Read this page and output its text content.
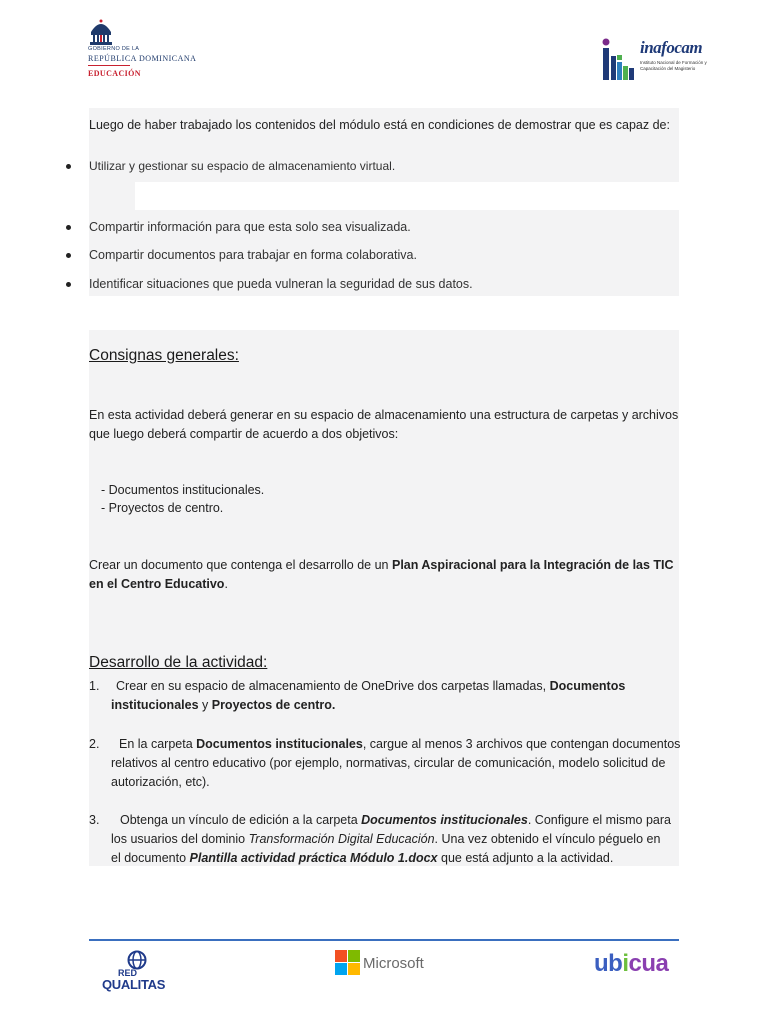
GOBIERNO DE LA
REPÚBLICA DOMINICANA
EDUCACIÓN
inafocam
Instituto Nacional de Formación y Capacitación del Magisterio
Luego de haber trabajado los contenidos del módulo está en condiciones de demostrar que es capaz de:
Utilizar y gestionar su espacio de almacenamiento virtual.
Compartir información para que esta solo sea visualizada.
Compartir documentos para trabajar en forma colaborativa.
Identificar situaciones que pueda vulneran la seguridad de sus datos.
Consignas generales:
En esta actividad deberá generar en su espacio de almacenamiento una estructura de carpetas y archivos
que luego deberá compartir de acuerdo a dos objetivos:
- Documentos institucionales.
- Proyectos de centro.
Crear un documento que contenga el desarrollo de un Plan Aspiracional para la Integración de las TIC
en el Centro Educativo.
Desarrollo de la actividad:
1. Crear en su espacio de almacenamiento de OneDrive dos carpetas llamadas, Documentos
institucionales y Proyectos de centro.
2. En la carpeta Documentos institucionales, cargue al menos 3 archivos que contengan documentos
relativos al centro educativo (por ejemplo, normativas, circular de comunicación, modelo solicitud de
autorización, etc).
3. Obtenga un vínculo de edición a la carpeta Documentos institucionales. Configure el mismo para
los usuarios del dominio Transformación Digital Educación. Una vez obtenido el vínculo péguelo en
el documento Plantilla actividad práctica Módulo 1.docx que está adjunto a la actividad.
RED
QUALITAS
Microsoft	ubicua
